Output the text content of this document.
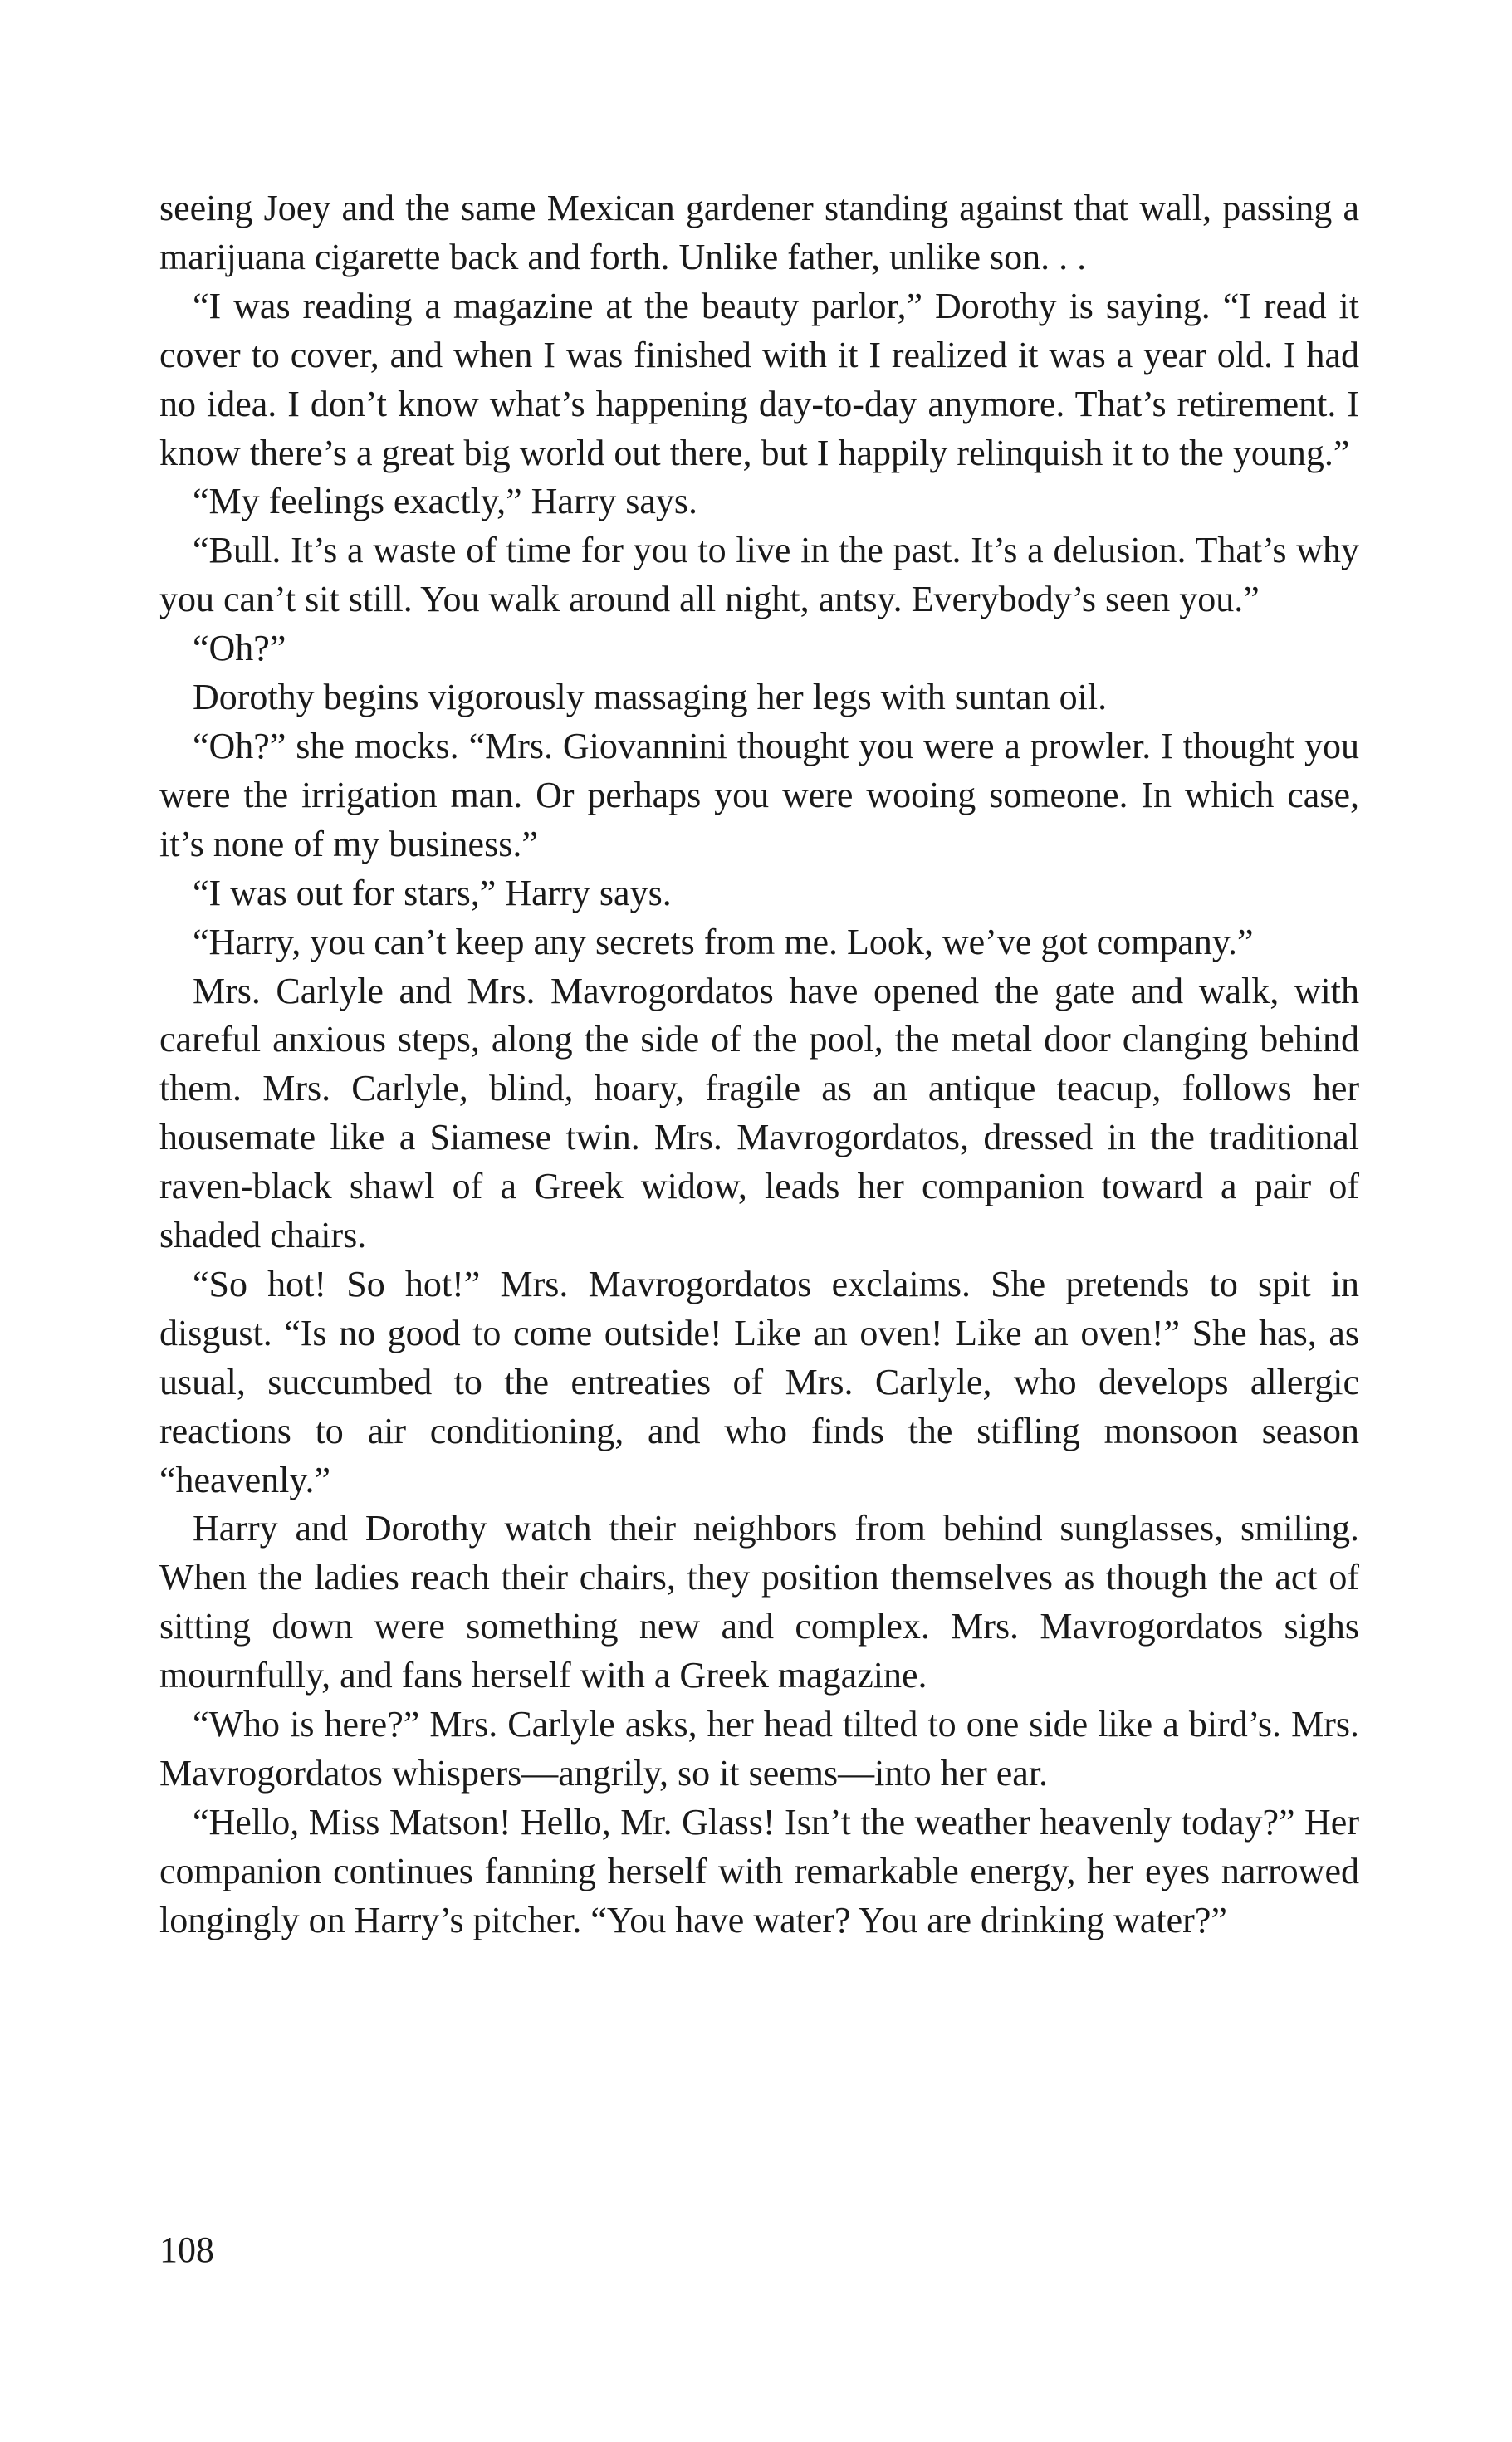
seeing Joey and the same Mexican gardener standing against that wall, passing a marijuana cigarette back and forth. Unlike father, unlike son. . .

“I was reading a magazine at the beauty parlor,” Dorothy is saying. “I read it cover to cover, and when I was finished with it I realized it was a year old. I had no idea. I don’t know what’s happening day-to-day anymore. That’s retirement. I know there’s a great big world out there, but I happily relinquish it to the young.”

“My feelings exactly,” Harry says.

“Bull. It’s a waste of time for you to live in the past. It’s a delusion. That’s why you can’t sit still. You walk around all night, antsy. Everybody’s seen you.”

“Oh?”

Dorothy begins vigorously massaging her legs with suntan oil.

“Oh?” she mocks. “Mrs. Giovannini thought you were a prowler. I thought you were the irrigation man. Or perhaps you were wooing someone. In which case, it’s none of my business.”

“I was out for stars,” Harry says.

“Harry, you can’t keep any secrets from me. Look, we’ve got company.”

Mrs. Carlyle and Mrs. Mavrogordatos have opened the gate and walk, with careful anxious steps, along the side of the pool, the metal door clanging behind them. Mrs. Carlyle, blind, hoary, fragile as an antique teacup, follows her housemate like a Siamese twin. Mrs. Mavrogordatos, dressed in the traditional raven-black shawl of a Greek widow, leads her companion toward a pair of shaded chairs.

“So hot! So hot!” Mrs. Mavrogordatos exclaims. She pretends to spit in disgust. “Is no good to come outside! Like an oven! Like an oven!” She has, as usual, succumbed to the entreaties of Mrs. Carlyle, who develops allergic reactions to air conditioning, and who finds the stifling monsoon season “heavenly.”

Harry and Dorothy watch their neighbors from behind sunglasses, smiling. When the ladies reach their chairs, they position themselves as though the act of sitting down were something new and complex. Mrs. Mavrogordatos sighs mournfully, and fans herself with a Greek magazine.

“Who is here?” Mrs. Carlyle asks, her head tilted to one side like a bird’s. Mrs. Mavrogordatos whispers—angrily, so it seems—into her ear.

“Hello, Miss Matson! Hello, Mr. Glass! Isn’t the weather heavenly today?” Her companion continues fanning herself with remarkable energy, her eyes narrowed longingly on Harry’s pitcher. “You have water? You are drinking water?”

108
